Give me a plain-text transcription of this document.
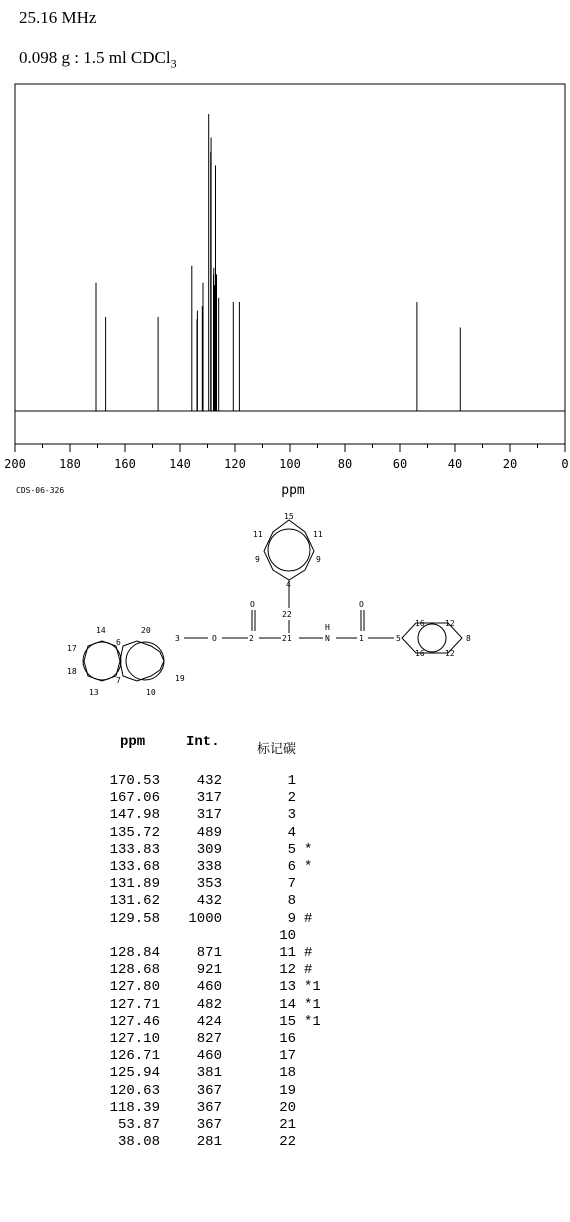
25.16 MHz
0.098 g : 1.5 ml CDCl$_3$
200	180	160	140	120	100	80	60	40	20	0
ppm
CDS-06-326
14	20
17
6	3	O	2	21	N
H
1	5
16	12
8
16	12
18
7	19
13	10
O	O
22
4
9	9
15
11	11
ppm	Int.	标记碳
170.53	432	1	
167.06	317	2	
147.98	317	3	
135.72	489	4	
133.83	309	5	*
133.68	338	6	*
131.89	353	7	
131.62	432	8	
129.58	1000	9	#
		10	
128.84	871	11	#
128.68	921	12	#
127.80	460	13	*1
127.71	482	14	*1
127.46	424	15	*1
127.10	827	16	
126.71	460	17	
125.94	381	18	
120.63	367	19	
118.39	367	20	
53.87	367	21	
38.08	281	22	
